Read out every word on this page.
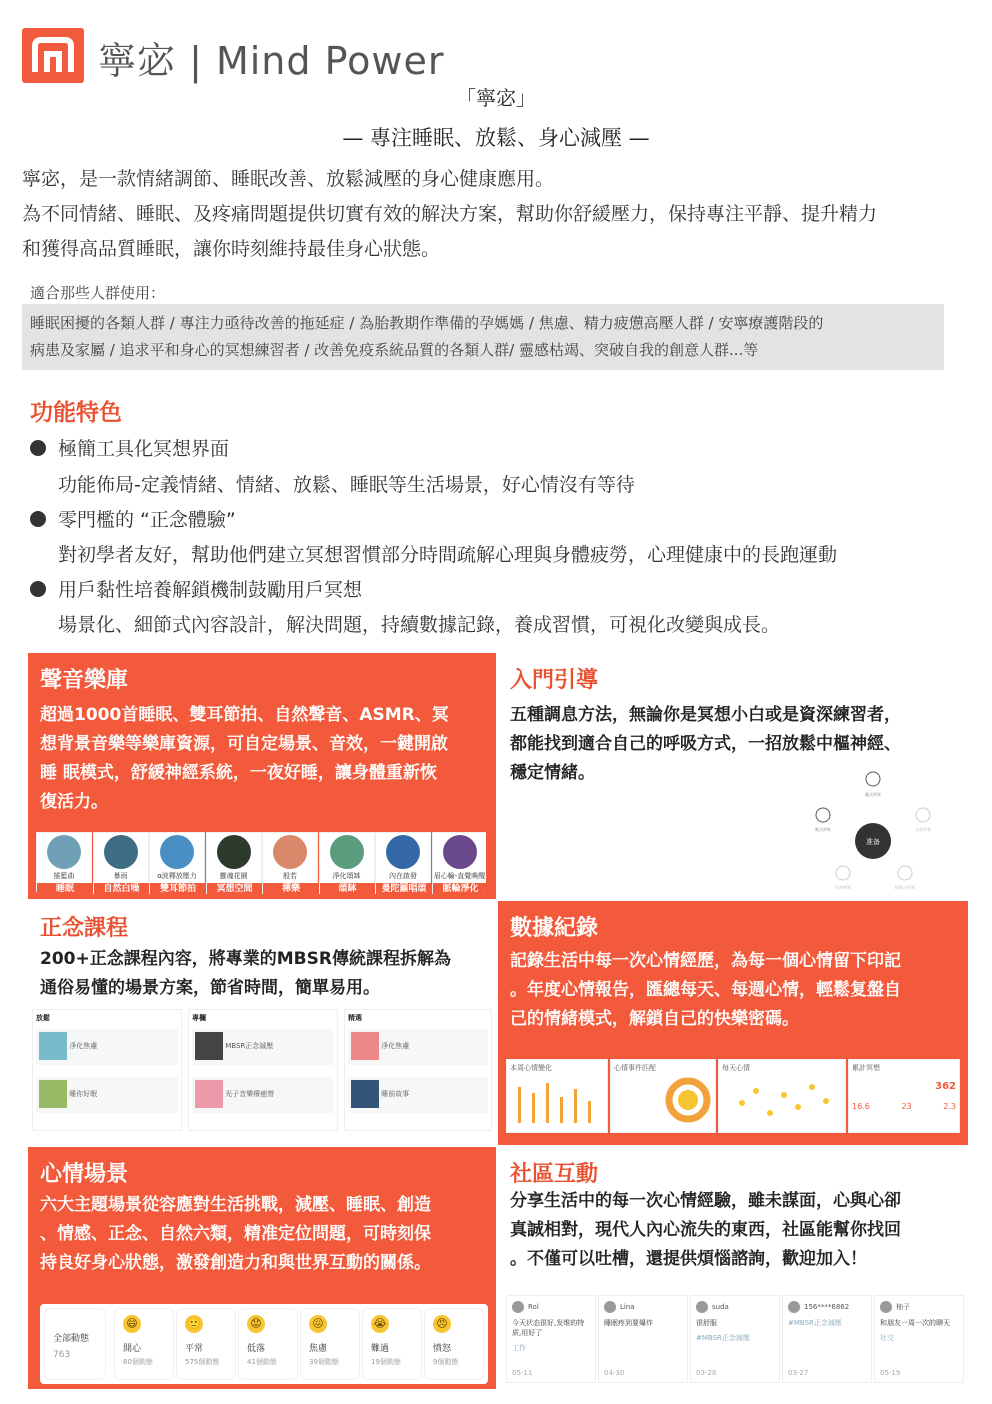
寧宓 | Mind Power
「寧宓」
— 專注睡眠、放鬆、身心減壓 —
寧宓，是一款情緒調節、睡眠改善、放鬆減壓的身心健康應用。
為不同情緒、睡眠、及疼痛問題提供切實有效的解決方案，幫助你舒緩壓力，保持專注平靜、提升精力
和獲得高品質睡眠，讓你時刻維持最佳身心狀態。
適合那些人群使用：
睡眠困擾的各類人群 / 專注力亟待改善的拖延症 / 為胎教期作準備的孕媽媽 / 焦慮、精力疲憊高壓人群 / 安寧療護階段的
病患及家屬 / 追求平和身心的冥想練習者 / 改善免疫系統品質的各類人群/ 靈感枯竭、突破自我的創意人群...等
功能特色
極簡工具化冥想界面
功能佈局-定義情緒、情緒、放鬆、睡眠等生活場景，好心情沒有等待
零門檻的 “正念體驗”
對初學者友好，幫助他們建立冥想習慣部分時間疏解心理與身體疲勞，心理健康中的長跑運動
用戶黏性培養解鎖機制鼓勵用戶冥想
場景化、細節式內容設計，解決問題，持續數據記錄，養成習慣，可視化改變與成長。
聲音樂庫
超過1000首睡眠、雙耳節拍、自然聲音、ASMR、冥
想背景音樂等樂庫資源，可自定場景、音效，一鍵開啟
睡 眠模式，舒緩神經系統，一夜好睡，讓身體重新恢
復活力。
搖籃曲
睡眠
暴雨
自然白噪
α波釋放壓力
雙耳節拍
靈魂花園
冥想空間
般若
禪樂
淨化頌缽
頌缽
內在啟發
曼陀羅唱頌
眉心輪-直覺喚醒
脈輪淨化
入門引導
五種調息方法，無論你是冥想小白或是資深練習者，
都能找到適合自己的呼吸方式，一招放鬆中樞神經、
穩定情緒。
准备
腹式呼吸
喉式呼吸	交替呼吸
冷却呼吸	蜂鸣式呼吸
正念課程
200+正念課程內容，將專業的MBSR傳統課程拆解為
通俗易懂的場景方案，節省時間，簡單易用。
放鬆
淨化焦慮
睡你好眠
專欄
MBSR正念減壓
光子音樂療癒營
精選
淨化焦慮
睡前故事
數據紀錄
記錄生活中每一次心情經歷，為每一個心情留下印記
。年度心情報告，匯總每天、每週心情，輕鬆复盤自
己的情緒模式，解鎖自己的快樂密碼。
本周心情變化	心情事件匹配	每天心情	累計冥想
362
16.6	23	2.3
心情場景
六大主題場景從容應對生活挑戰，減壓、睡眠、創造
、情感、正念、自然六類，精准定位問題，可時刻保
持良好身心狀態，激發創造力和與世界互動的關係。
全部動態
763
😄
開心
80個動態
🙂
平常
575個動態
😟
低落
41個動態
😖
焦慮
39個動態
😭
難過
19個動態
😠
憤怒
9個動態
社區互動
分享生活中的每一次心情經驗，雖未謀面，心與心卻
真誠相對，現代人內心流失的東西，社區能幫你找回
。不僅可以吐槽，還提供煩惱諮詢，歡迎加入！
Rol
今天状态很好,发维的特质,用好了
工作
05-11
Lina
睡眠疼到要爆炸
04-30
suda
很舒服
#MBSR正念減壓
03-28
156****6862
#MBSR正念減壓
03-27
柚子
和朋友一周一次的聊天
社交
05-19
